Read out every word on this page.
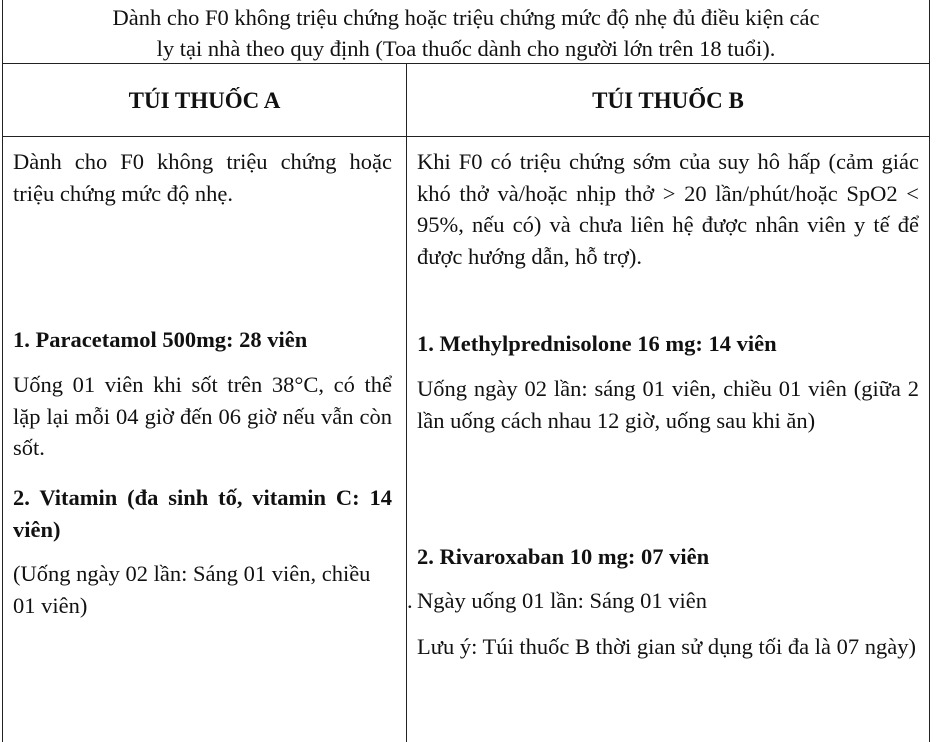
Dành cho F0 không triệu chứng hoặc triệu chứng mức độ nhẹ đủ điều kiện các
ly tại nhà theo quy định (Toa thuốc dành cho người lớn trên 18 tuổi).
TÚI THUỐC A	TÚI THUỐC B
Dành cho F0 không triệu chứng hoặc triệu chứng mức độ nhẹ.
1. Paracetamol 500mg: 28 viên
Uống 01 viên khi sốt trên 38°C, có thể lặp lại mỗi 04 giờ đến 06 giờ nếu vẫn còn sốt.
2. Vitamin (đa sinh tố, vitamin C: 14 viên)
(Uống ngày 02 lần: Sáng 01 viên, chiều 01 viên)
Khi F0 có triệu chứng sớm của suy hô hấp (cảm giác khó thở và/hoặc nhịp thở > 20 lần/phút/hoặc SpO2 < 95%, nếu có) và chưa liên hệ được nhân viên y tế để được hướng dẫn, hỗ trợ).
1. Methylprednisolone 16 mg: 14 viên
Uống ngày 02 lần: sáng 01 viên, chiều 01 viên (giữa 2 lần uống cách nhau 12 giờ, uống sau khi ăn)
2. Rivaroxaban 10 mg: 07 viên
. Ngày uống 01 lần: Sáng 01 viên
Lưu ý: Túi thuốc B thời gian sử dụng tối đa là 07 ngày)
